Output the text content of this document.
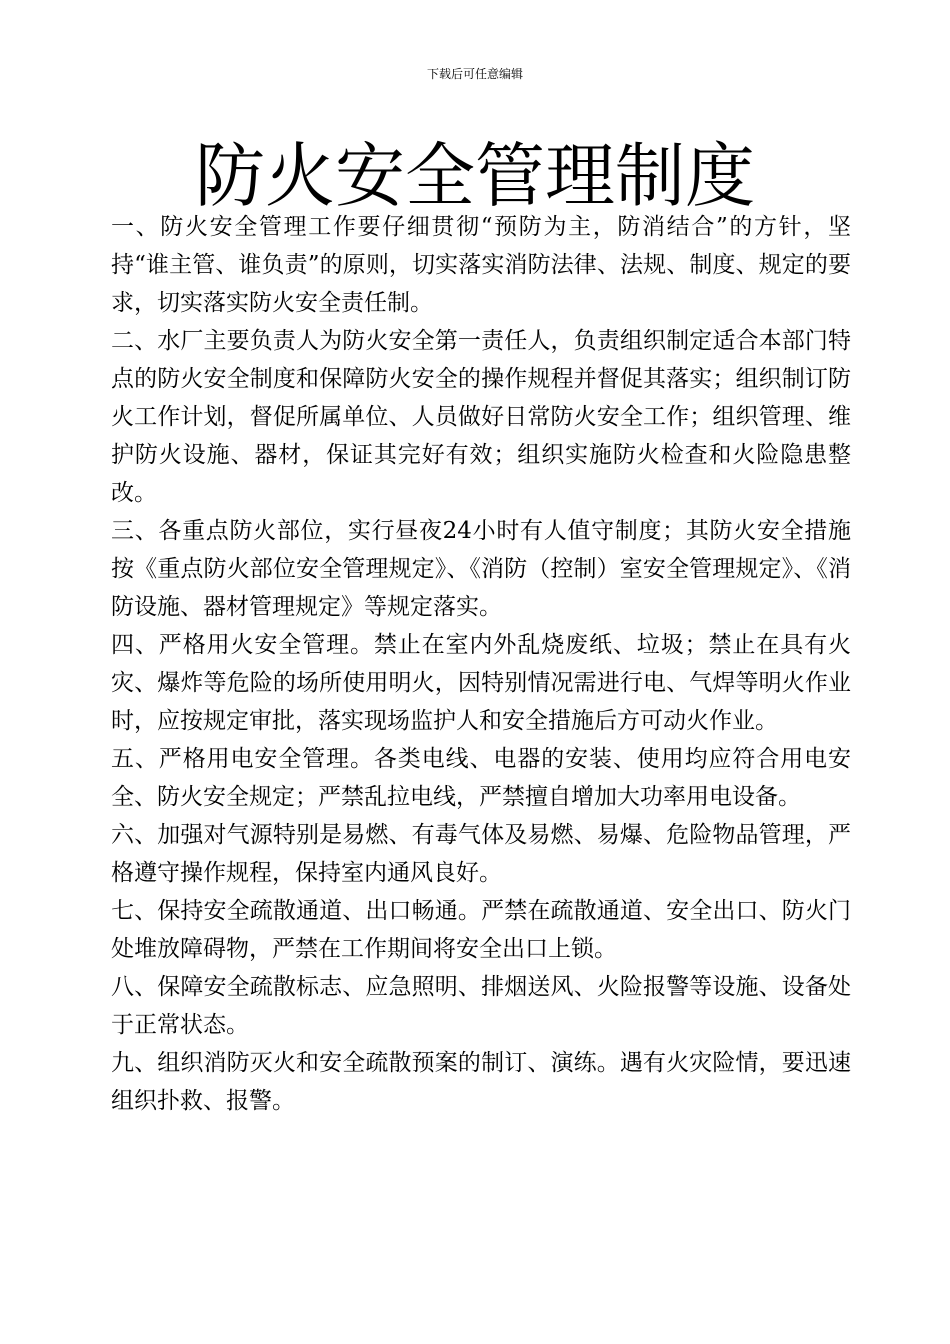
下载后可任意编辑
防火安全管理制度

一、防火安全管理工作要仔细贯彻“预防为主，防消结合”的方针，坚持“谁主管、谁负责”的原则，切实落实消防法律、法规、制度、规定的要求，切实落实防火安全责任制。

二、水厂主要负责人为防火安全第一责任人，负责组织制定适合本部门特点的防火安全制度和保障防火安全的操作规程并督促其落实；组织制订防火工作计划，督促所属单位、人员做好日常防火安全工作；组织管理、维护防火设施、器材，保证其完好有效；组织实施防火检查和火险隐患整改。

三、各重点防火部位，实行昼夜24小时有人值守制度；其防火安全措施按《重点防火部位安全管理规定》、《消防（控制）室安全管理规定》、《消防设施、器材管理规定》等规定落实。

四、严格用火安全管理。禁止在室内外乱烧废纸、垃圾；禁止在具有火灾、爆炸等危险的场所使用明火，因特别情况需进行电、气焊等明火作业时，应按规定审批，落实现场监护人和安全措施后方可动火作业。

五、严格用电安全管理。各类电线、电器的安装、使用均应符合用电安全、防火安全规定；严禁乱拉电线，严禁擅自增加大功率用电设备。

六、加强对气源特别是易燃、有毒气体及易燃、易爆、危险物品管理，严格遵守操作规程，保持室内通风良好。

七、保持安全疏散通道、出口畅通。严禁在疏散通道、安全出口、防火门处堆放障碍物，严禁在工作期间将安全出口上锁。

八、保障安全疏散标志、应急照明、排烟送风、火险报警等设施、设备处于正常状态。

九、组织消防灭火和安全疏散预案的制订、演练。遇有火灾险情，要迅速组织扑救、报警。
